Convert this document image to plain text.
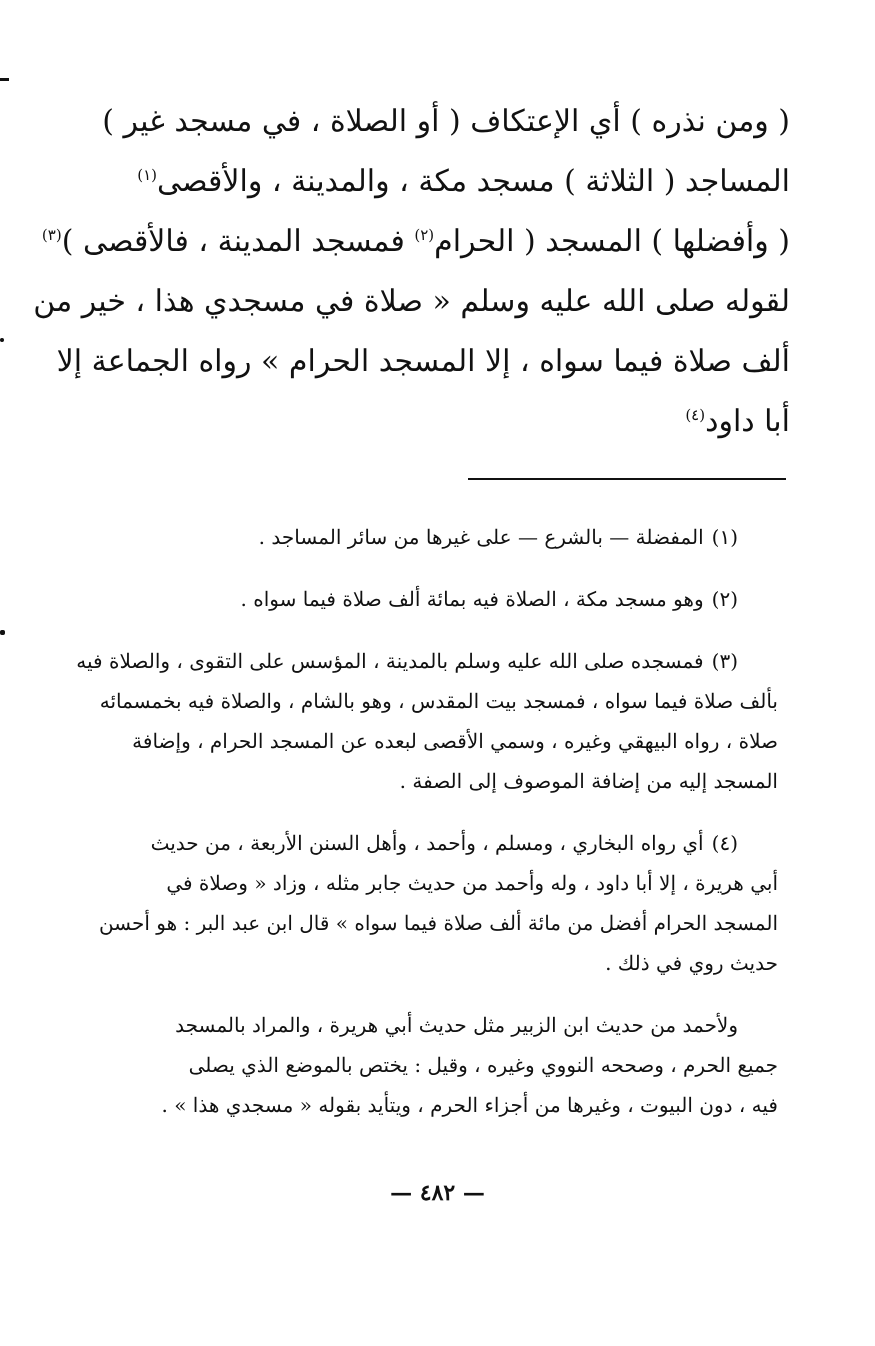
( ومن نذره ) أي الإعتكاف ( أو الصلاة ، في مسجد غير )
المساجد ( الثلاثة ) مسجد مكة ، والمدينة ، والأقصى$^{(١)}$
( وأفضلها ) المسجد ( الحرام$^{(٢)}$ فمسجد المدينة ، فالأقصى )$^{(٣)}$
لقوله صلى الله عليه وسلم « صلاة في مسجدي هذا ، خير من
ألف صلاة فيما سواه ، إلا المسجد الحرام » رواه الجماعة إلا
أبا داود$^{(٤)}$
(١)المفضلة — بالشرع — على غيرها من سائر المساجد .
(٢)وهو مسجد مكة ، الصلاة فيه بمائة ألف صلاة فيما سواه .
(٣)فمسجده صلى الله عليه وسلم بالمدينة ، المؤسس على التقوى ، والصلاة فيه
بألف صلاة فيما سواه ، فمسجد بيت المقدس ، وهو بالشام ، والصلاة فيه بخمسمائه
صلاة ، رواه البيهقي وغيره ، وسمي الأقصى لبعده عن المسجد الحرام ، وإضافة
المسجد إليه من إضافة الموصوف إلى الصفة .
(٤)أي رواه البخاري ، ومسلم ، وأحمد ، وأهل السنن الأربعة ، من حديث
أبي هريرة ، إلا أبا داود ، وله وأحمد من حديث جابر مثله ، وزاد « وصلاة في
المسجد الحرام أفضل من مائة ألف صلاة فيما سواه » قال ابن عبد البر : هو أحسن
حديث روي في ذلك .
ولأحمد من حديث ابن الزبير مثل حديث أبي هريرة ، والمراد بالمسجد
جميع الحرم ، وصححه النووي وغيره ، وقيل : يختص بالموضع الذي يصلى
فيه ، دون البيوت ، وغيرها من أجزاء الحرم ، ويتأيد بقوله « مسجدي هذا » .
— ٤٨٢ —
